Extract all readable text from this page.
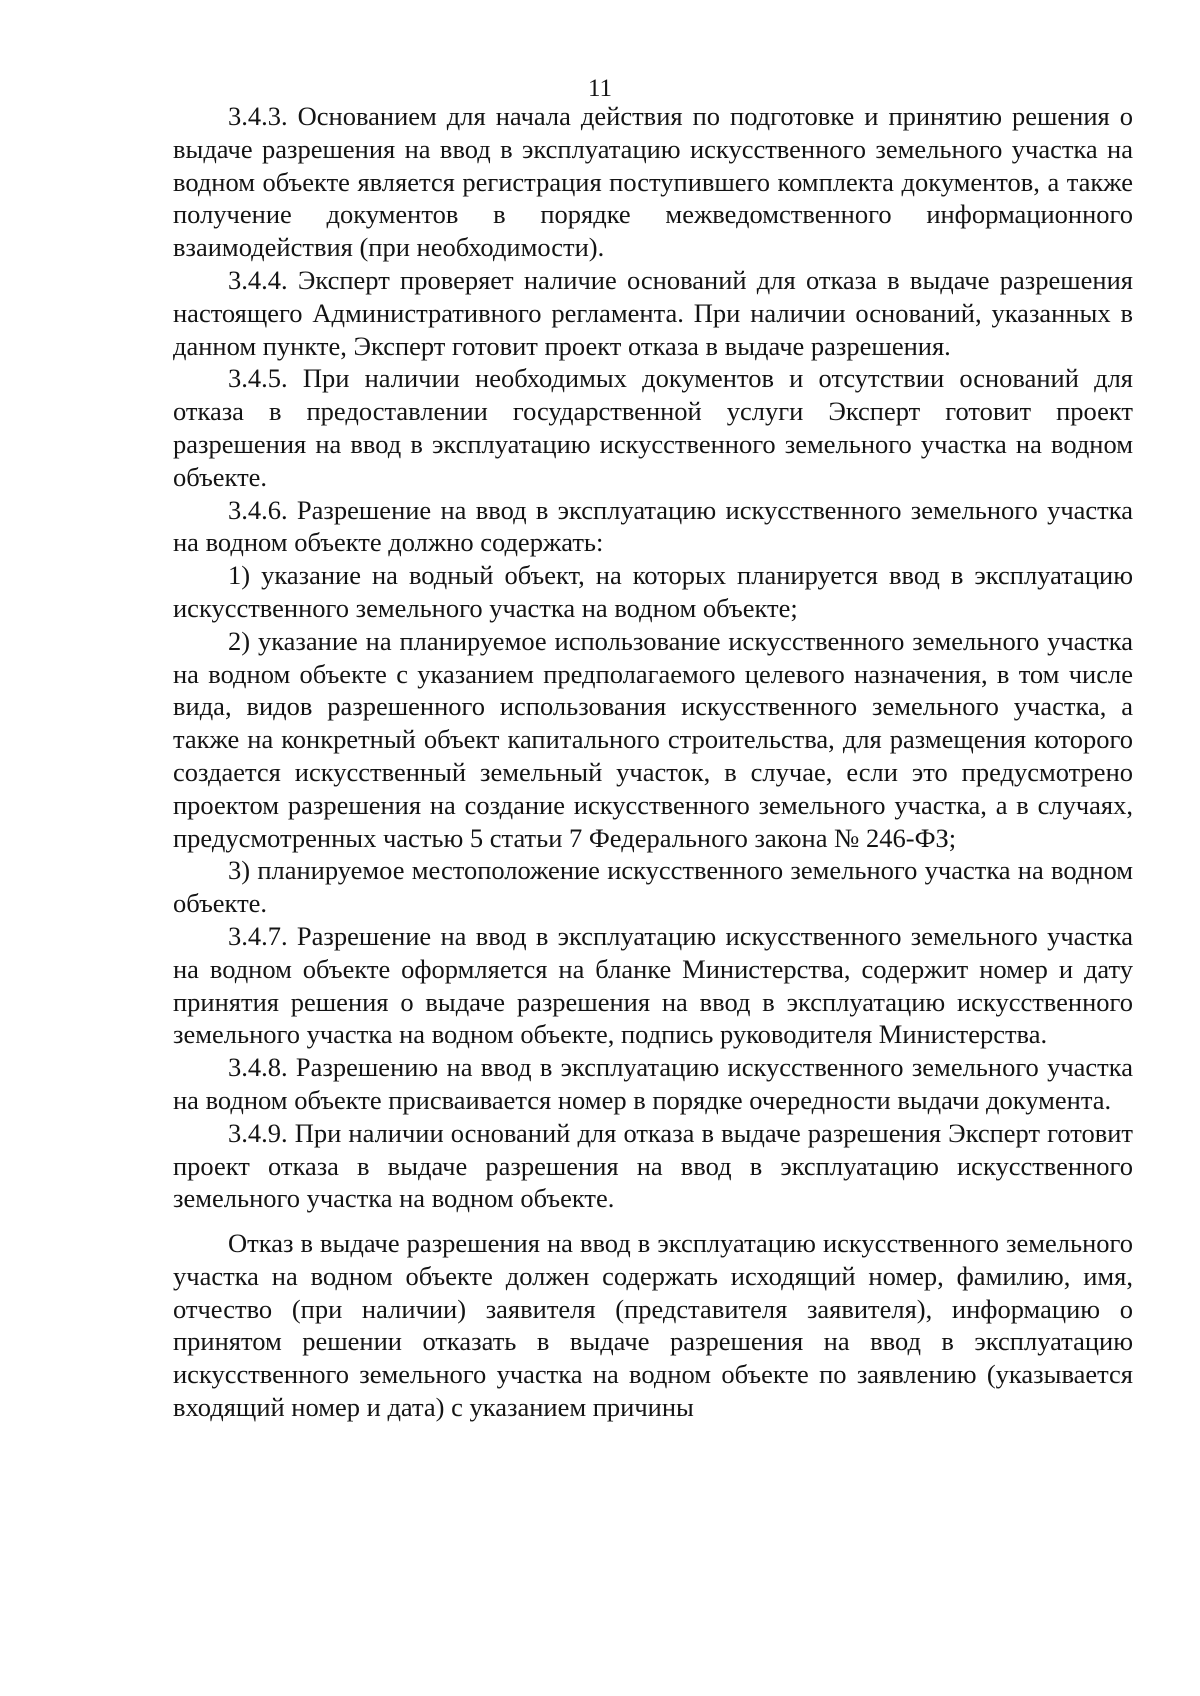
11

3.4.3. Основанием для начала действия по подготовке и принятию решения о выдаче разрешения на ввод в эксплуатацию искусственного земельного участка на водном объекте является регистрация поступившего комплекта документов, а также получение документов в порядке межведомственного информационного взаимодействия (при необходимости).

3.4.4. Эксперт проверяет наличие оснований для отказа в выдаче разрешения настоящего Административного регламента. При наличии оснований, указанных в данном пункте, Эксперт готовит проект отказа в выдаче разрешения.

3.4.5. При наличии необходимых документов и отсутствии оснований для отказа в предоставлении государственной услуги Эксперт готовит проект разрешения на ввод в эксплуатацию искусственного земельного участка на водном объекте.

3.4.6. Разрешение на ввод в эксплуатацию искусственного земельного участка на водном объекте должно содержать:

1) указание на водный объект, на которых планируется ввод в эксплуатацию искусственного земельного участка на водном объекте;

2) указание на планируемое использование искусственного земельного участка на водном объекте с указанием предполагаемого целевого назначения, в том числе вида, видов разрешенного использования искусственного земельного участка, а также на конкретный объект капитального строительства, для размещения которого создается искусственный земельный участок, в случае, если это предусмотрено проектом разрешения на создание искусственного земельного участка, а в случаях, предусмотренных частью 5 статьи 7 Федерального закона № 246-ФЗ;

3) планируемое местоположение искусственного земельного участка на водном объекте.

3.4.7. Разрешение на ввод в эксплуатацию искусственного земельного участка на водном объекте оформляется на бланке Министерства, содержит номер и дату принятия решения о выдаче разрешения на ввод в эксплуатацию искусственного земельного участка на водном объекте, подпись руководителя Министерства.

3.4.8. Разрешению на ввод в эксплуатацию искусственного земельного участка на водном объекте присваивается номер в порядке очередности выдачи документа.

3.4.9. При наличии оснований для отказа в выдаче разрешения Эксперт готовит проект отказа в выдаче разрешения на ввод в эксплуатацию искусственного земельного участка на водном объекте.

Отказ в выдаче разрешения на ввод в эксплуатацию искусственного земельного участка на водном объекте должен содержать исходящий номер, фамилию, имя, отчество (при наличии) заявителя (представителя заявителя), информацию о принятом решении отказать в выдаче разрешения на ввод в эксплуатацию искусственного земельного участка на водном объекте по заявлению (указывается входящий номер и дата) с указанием причины
